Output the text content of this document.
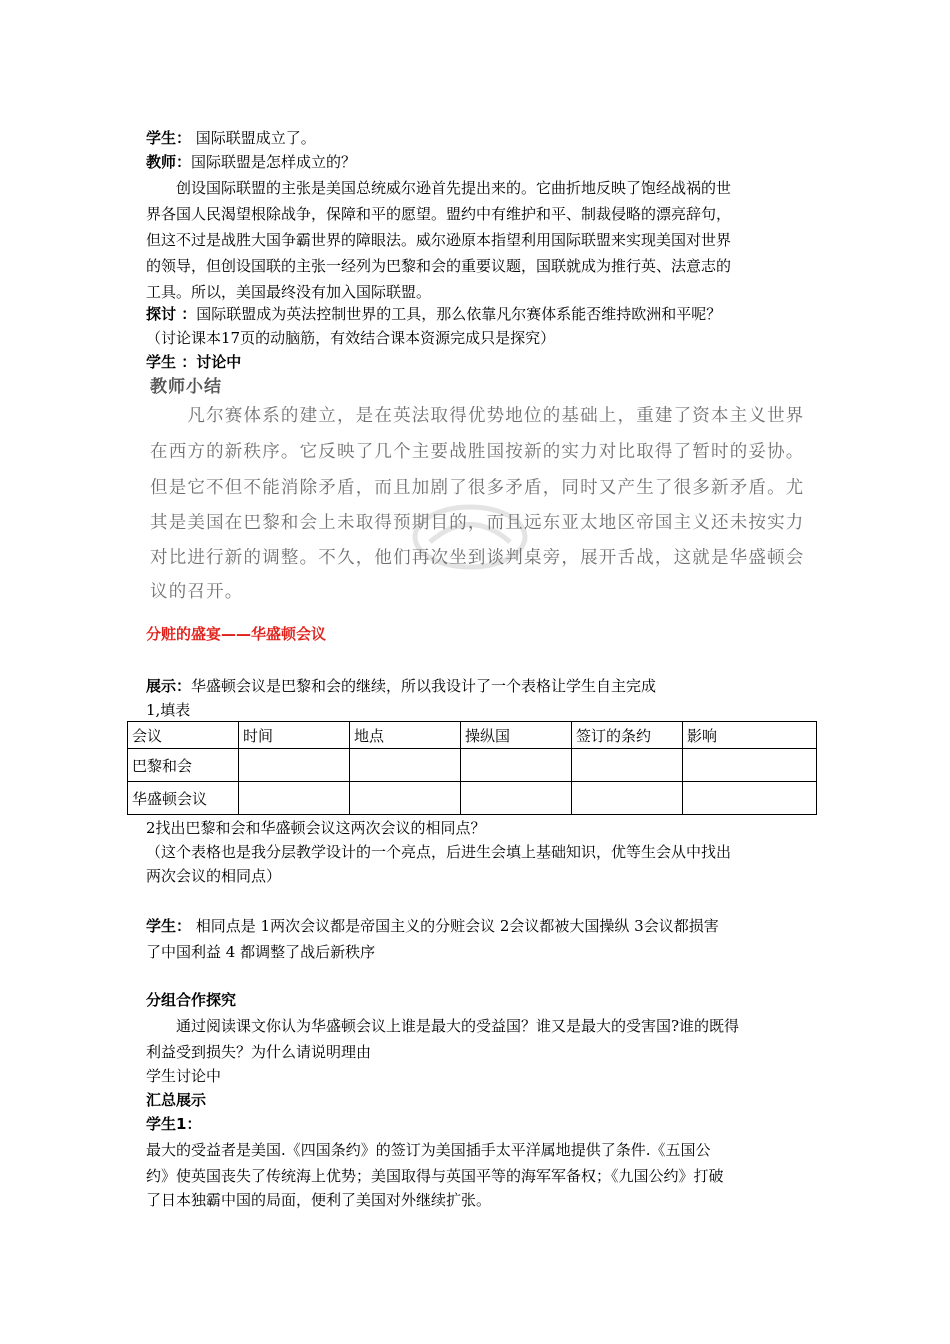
学生： 国际联盟成立了。
教师：国际联盟是怎样成立的？
　　创设国际联盟的主张是美国总统威尔逊首先提出来的。它曲折地反映了饱经战祸的世
界各国人民渴望根除战争，保障和平的愿望。盟约中有维护和平、制裁侵略的漂亮辞句，
但这不过是战胜大国争霸世界的障眼法。威尔逊原本指望利用国际联盟来实现美国对世界
的领导，但创设国联的主张一经列为巴黎和会的重要议题，国联就成为推行英、法意志的
工具。所以，美国最终没有加入国际联盟。
探讨 ：国际联盟成为英法控制世界的工具，那么依靠凡尔赛体系能否维持欧洲和平呢？
（讨论课本17页的动脑筋，有效结合课本资源完成只是探究）
学生 ：讨论中
教师小结
　　凡尔赛体系的建立，是在英法取得优势地位的基础上，重建了资本主义世界
在西方的新秩序。它反映了几个主要战胜国按新的实力对比取得了暂时的妥协。
但是它不但不能消除矛盾，而且加剧了很多矛盾，同时又产生了很多新矛盾。尤
其是美国在巴黎和会上未取得预期目的，而且远东亚太地区帝国主义还未按实力
对比进行新的调整。不久，他们再次坐到谈判桌旁，展开舌战，这就是华盛顿会
议的召开。
分赃的盛宴——华盛顿会议
展示：华盛顿会议是巴黎和会的继续，所以我设计了一个表格让学生自主完成
1,填表
会议	时间	地点	操纵国	签订的条约	影响
巴黎和会					
华盛顿会议					
2找出巴黎和会和华盛顿会议这两次会议的相同点？
（这个表格也是我分层教学设计的一个亮点，后进生会填上基础知识，优等生会从中找出
两次会议的相同点）
学生： 相同点是 1两次会议都是帝国主义的分赃会议 2会议都被大国操纵 3会议都损害
了中国利益 4 都调整了战后新秩序
分组合作探究
　　通过阅读课文你认为华盛顿会议上谁是最大的受益国？谁又是最大的受害国?谁的既得
利益受到损失？为什么请说明理由
学生讨论中
汇总展示
学生1：
最大的受益者是美国.《四国条约》的签订为美国插手太平洋属地提供了条件.《五国公
约》使英国丧失了传统海上优势；美国取得与英国平等的海军军备权；《九国公约》打破
了日本独霸中国的局面，便利了美国对外继续扩张。
